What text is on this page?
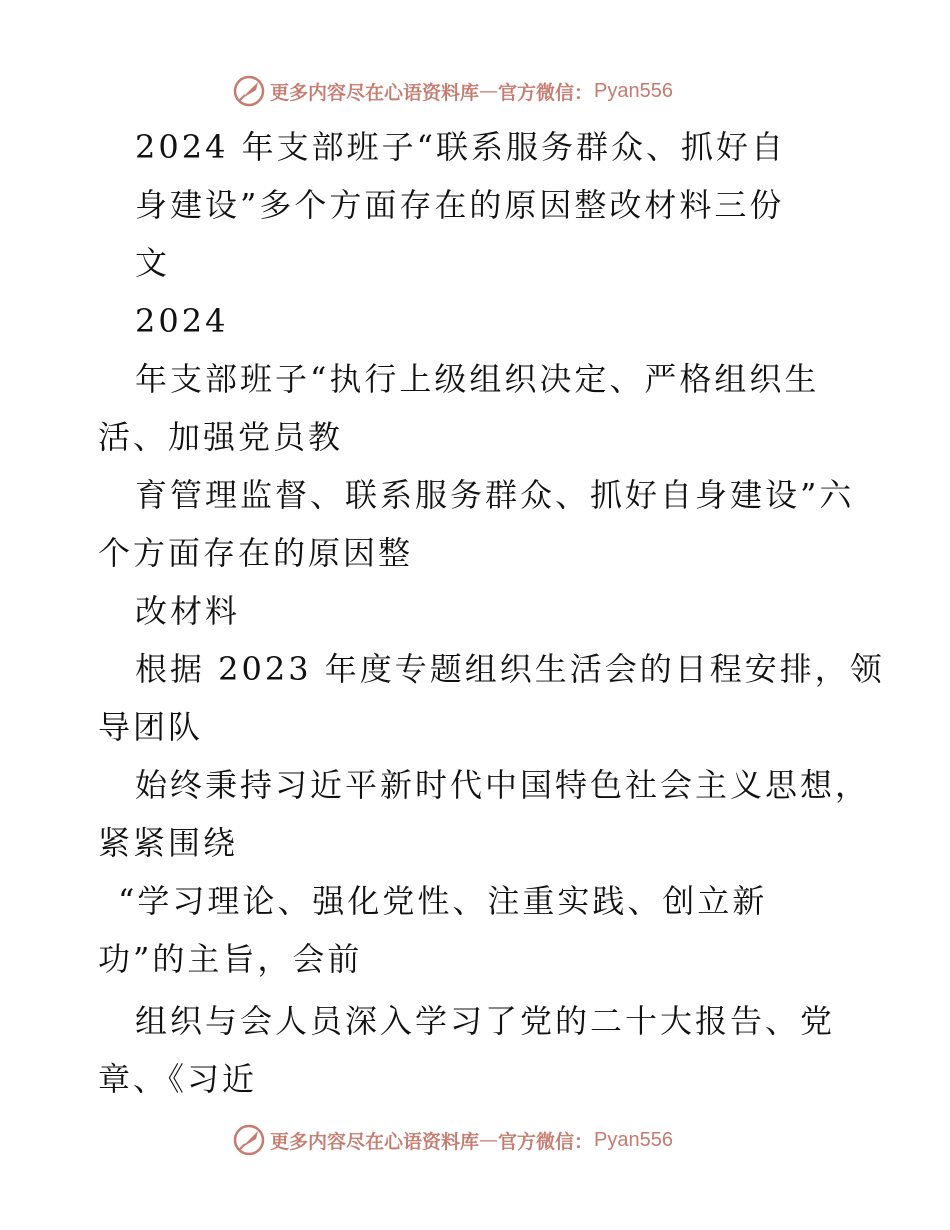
更多内容尽在心语资料库 — 官方微信： Pyan556

2024 年支部班子“联系服务群众、抓好自

身建设”多个方面存在的原因整改材料三份

文

2024

年支部班子“执行上级组织决定、严格组织生

活、加强党员教

育管理监督、联系服务群众、抓好自身建设”六

个方面存在的原因整

改材料

根据 2023 年度专题组织生活会的日程安排，领

导团队

始终秉持习近平新时代中国特色社会主义思想，

紧紧围绕

“学习理论、强化党性、注重实践、创立新

功”的主旨，会前

组织与会人员深入学习了党的二十大报告、党

章、《习近

更多内容尽在心语资料库 — 官方微信： Pyan556
